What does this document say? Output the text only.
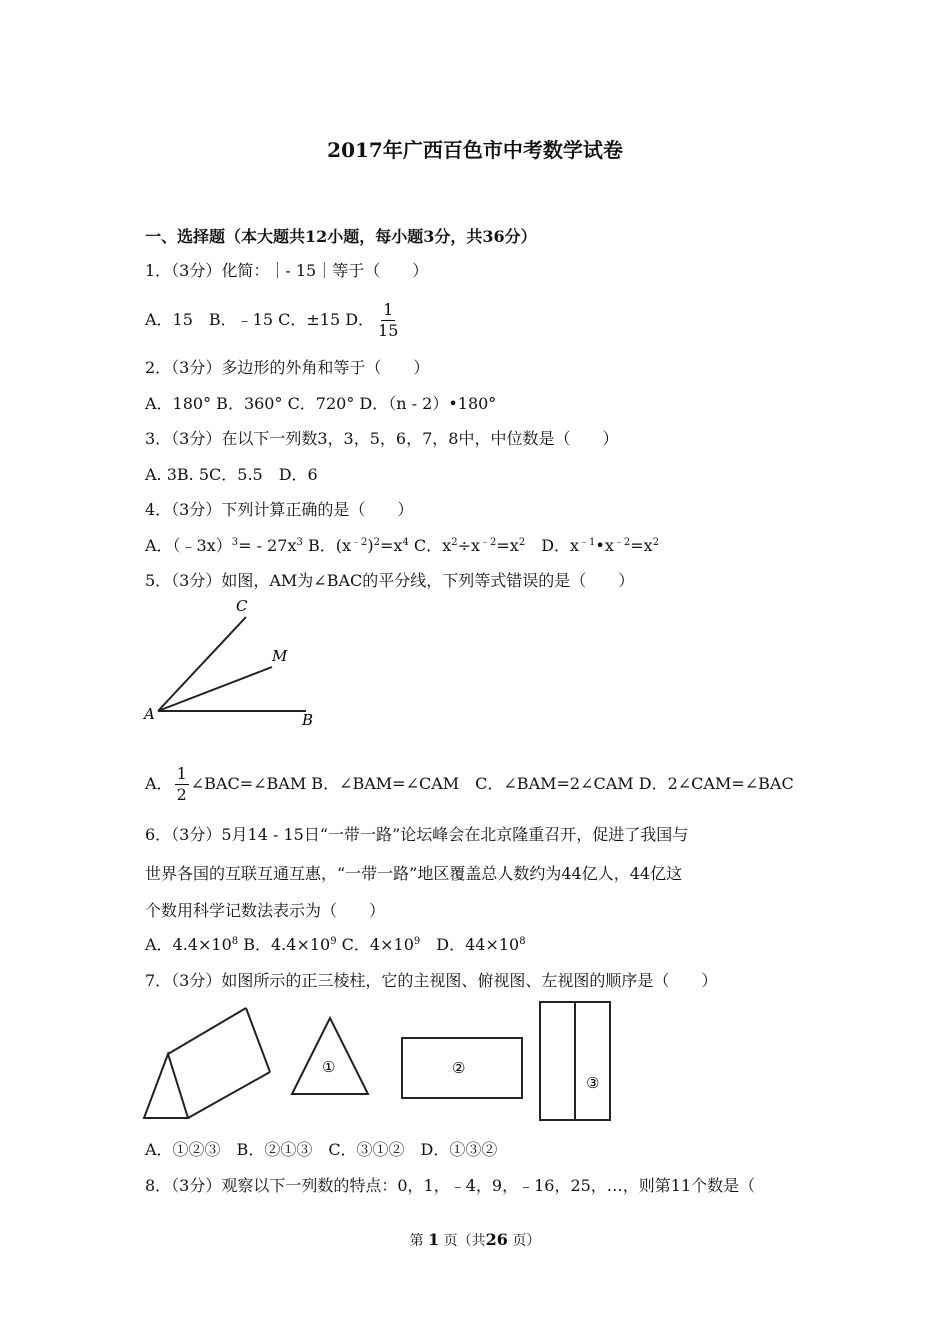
2017年广西百色市中考数学试卷
一、选择题（本大题共12小题，每小题3分，共36分）
1．（3分）化简：｜- 15｜等于（　　）
A．15　B．﹣15 C．±15 D． $\frac{1}{15}$
2．（3分）多边形的外角和等于（　　）
A．180° B．360° C．720° D．（n - 2）•180°
3．（3分）在以下一列数3，3，5，6，7，8中，中位数是（　　）
A. 3B. 5C．5.5　D．6
4．（3分）下列计算正确的是（　　）
A．（﹣3x）$^3$= - $27x^3$ B．$(x^{﹣2})^2=x^4$ C．$x^2\div x^{﹣2}=x^2$　D．$x^{﹣1}•x^{﹣2}=x^2$
5．（3分）如图，AM为∠BAC的平分线，下列等式错误的是（　　）
C
M
A	B
A． $\frac{1}{2}$ ∠BAC=∠BAM B．∠BAM=∠CAM　C．∠BAM=2∠CAM D．2∠CAM=∠BAC
6．（3分）5月14 - 15日“一带一路”论坛峰会在北京隆重召开，促进了我国与
世界各国的互联互通互惠，“一带一路”地区覆盖总人数约为44亿人，44亿这
个数用科学记数法表示为（　　）
A．$4.4\times 10^8$ B．$4.4\times 10^9$ C．$4\times 10^9$　D．$44\times 10^8$
7．（3分）如图所示的正三棱柱，它的主视图、俯视图、左视图的顺序是（　　）
①	②
③
A．①②③　B．②①③　C．③①②　D．①③②
8．（3分）观察以下一列数的特点：0，1，﹣4，9，﹣16，25，…，则第11个数是（
第 1 页（共26 页）
